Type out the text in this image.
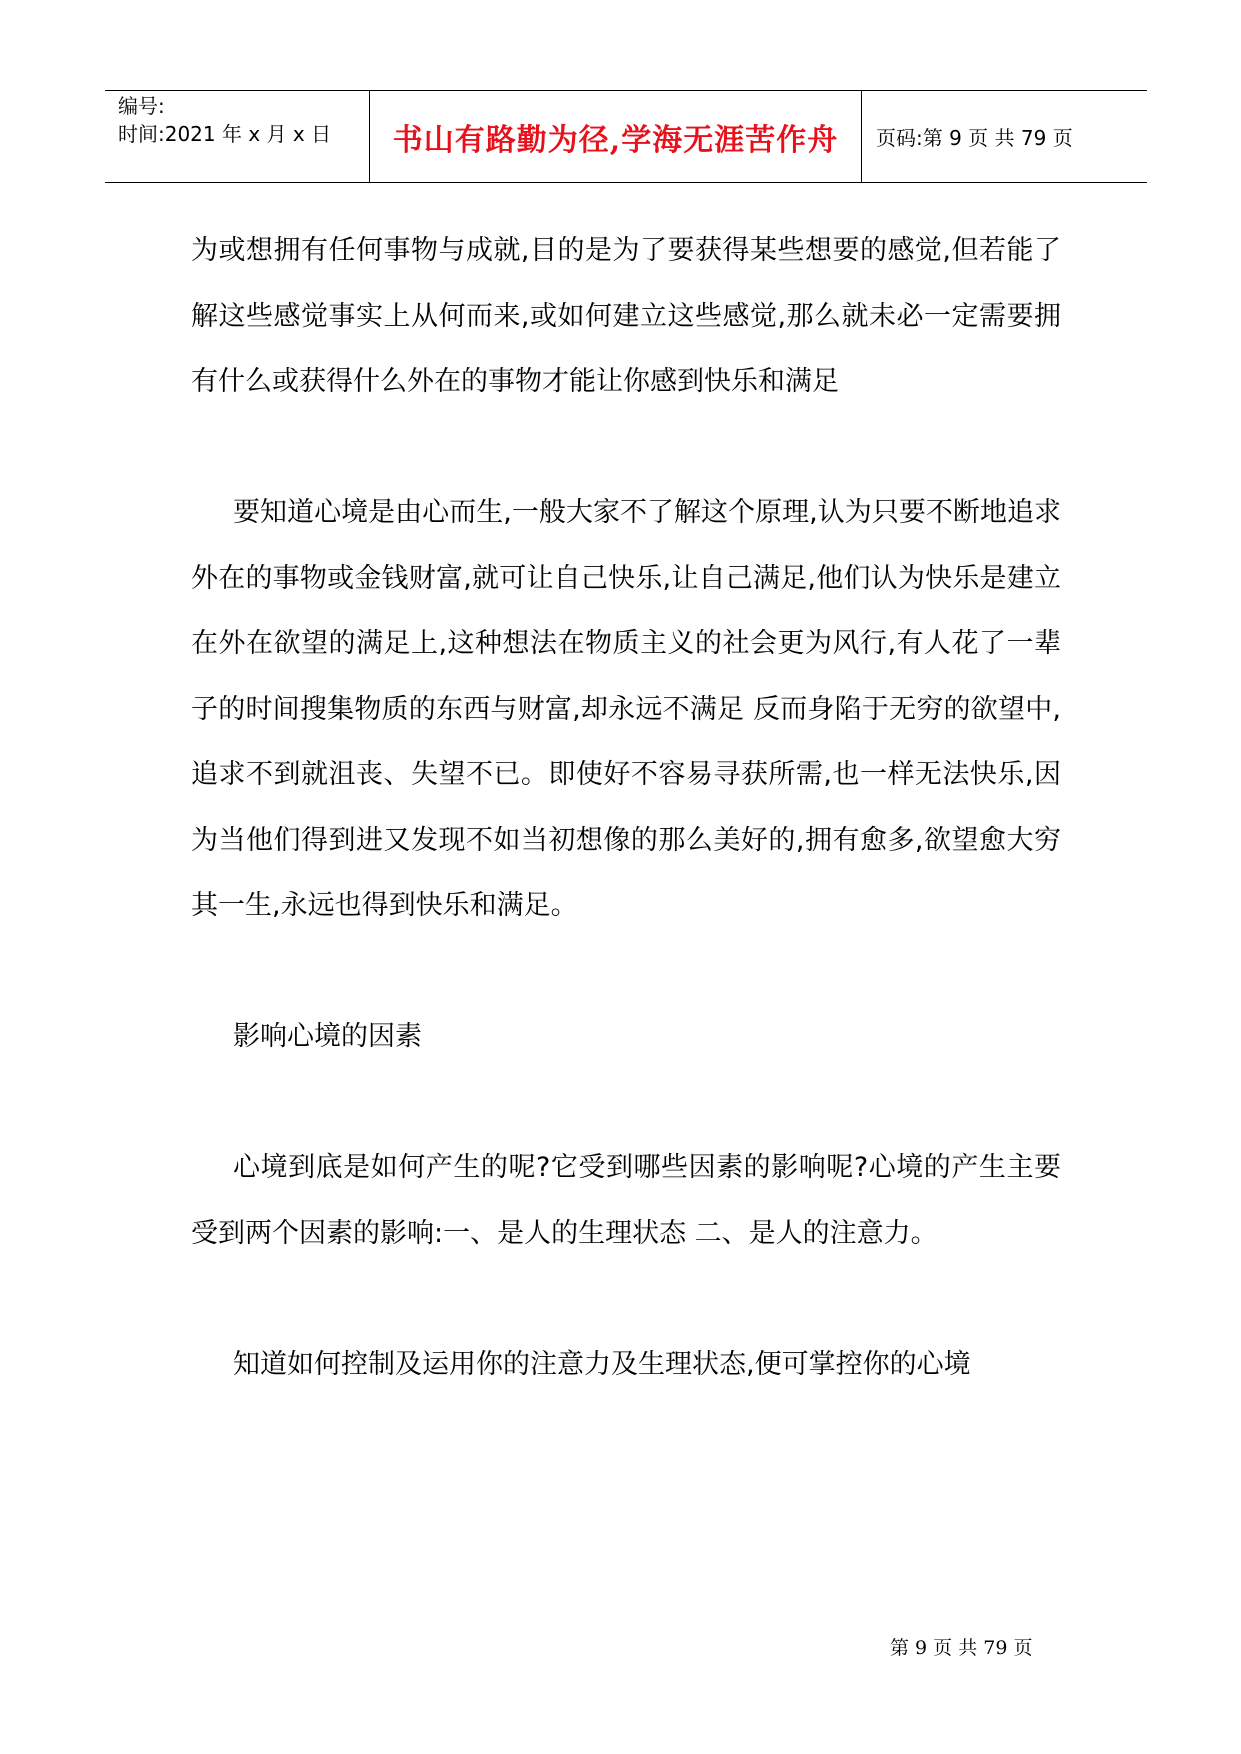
编号:
时间:2021 年 x 月 x 日	书山有路勤为径,学海无涯苦作舟	页码:第 9 页 共 79 页

为或想拥有任何事物与成就,目的是为了要获得某些想要的感觉,但若能了解这些感觉事实上从何而来,或如何建立这些感觉,那么就未必一定需要拥有什么或获得什么外在的事物才能让你感到快乐和满足

要知道心境是由心而生,一般大家不了解这个原理,认为只要不断地追求外在的事物或金钱财富,就可让自己快乐,让自己满足,他们认为快乐是建立在外在欲望的满足上,这种想法在物质主义的社会更为风行,有人花了一辈子的时间搜集物质的东西与财富,却永远不满足 反而身陷于无穷的欲望中,追求不到就沮丧、失望不已。即使好不容易寻获所需,也一样无法快乐,因为当他们得到进又发现不如当初想像的那么美好的,拥有愈多,欲望愈大穷其一生,永远也得到快乐和满足。

影响心境的因素

心境到底是如何产生的呢?它受到哪些因素的影响呢?心境的产生主要受到两个因素的影响:一、是人的生理状态 二、是人的注意力。

知道如何控制及运用你的注意力及生理状态,便可掌控你的心境

第 9 页 共 79 页
